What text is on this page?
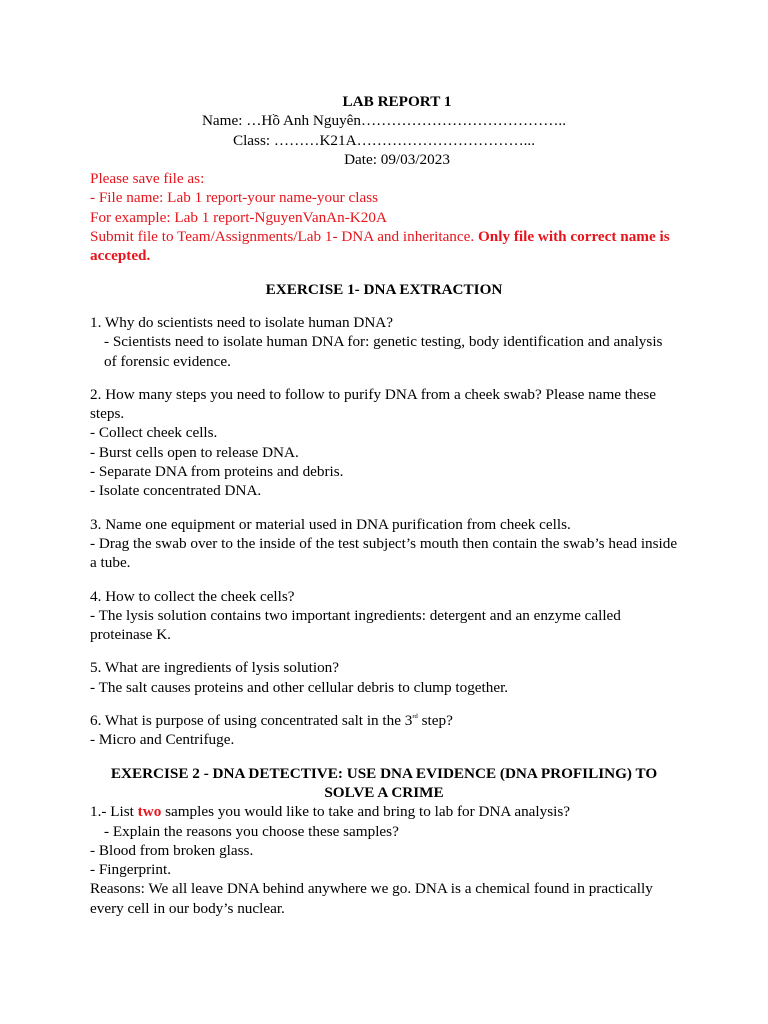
LAB REPORT 1

Name: …Hồ Anh Nguyên…………………………………..

Class: ………K21A……………………………...

Date: 09/03/2023

Please save file as:

- File name: Lab 1 report-your name-your class

For example: Lab 1 report-NguyenVanAn-K20A

Submit file to Team/Assignments/Lab 1- DNA and inheritance. Only file with correct name is accepted.

EXERCISE 1- DNA EXTRACTION

1. Why do scientists need to isolate human DNA?

- Scientists need to isolate human DNA for: genetic testing, body identification and analysis of forensic evidence.

2. How many steps you need to follow to purify DNA from a cheek swab? Please name these steps.

- Collect cheek cells.

- Burst cells open to release DNA.

- Separate DNA from proteins and debris.

- Isolate concentrated DNA.

3. Name one equipment or material used in DNA purification from cheek cells.

- Drag the swab over to the inside of the test subject’s mouth then contain the swab’s head inside a tube.

4. How to collect the cheek cells?

- The lysis solution contains two important ingredients: detergent and an enzyme called proteinase K.

5. What are ingredients of lysis solution?

- The salt causes proteins and other cellular debris to clump together.

6. What is purpose of using concentrated salt in the 3rd step?

- Micro and Centrifuge.

EXERCISE 2 - DNA DETECTIVE: USE DNA EVIDENCE (DNA PROFILING) TO SOLVE A CRIME

1.- List two samples you would like to take and bring to lab for DNA analysis?

- Explain the reasons you choose these samples?

- Blood from broken glass.

- Fingerprint.

Reasons: We all leave DNA behind anywhere we go. DNA is a chemical found in practically every cell in our body’s nuclear.
